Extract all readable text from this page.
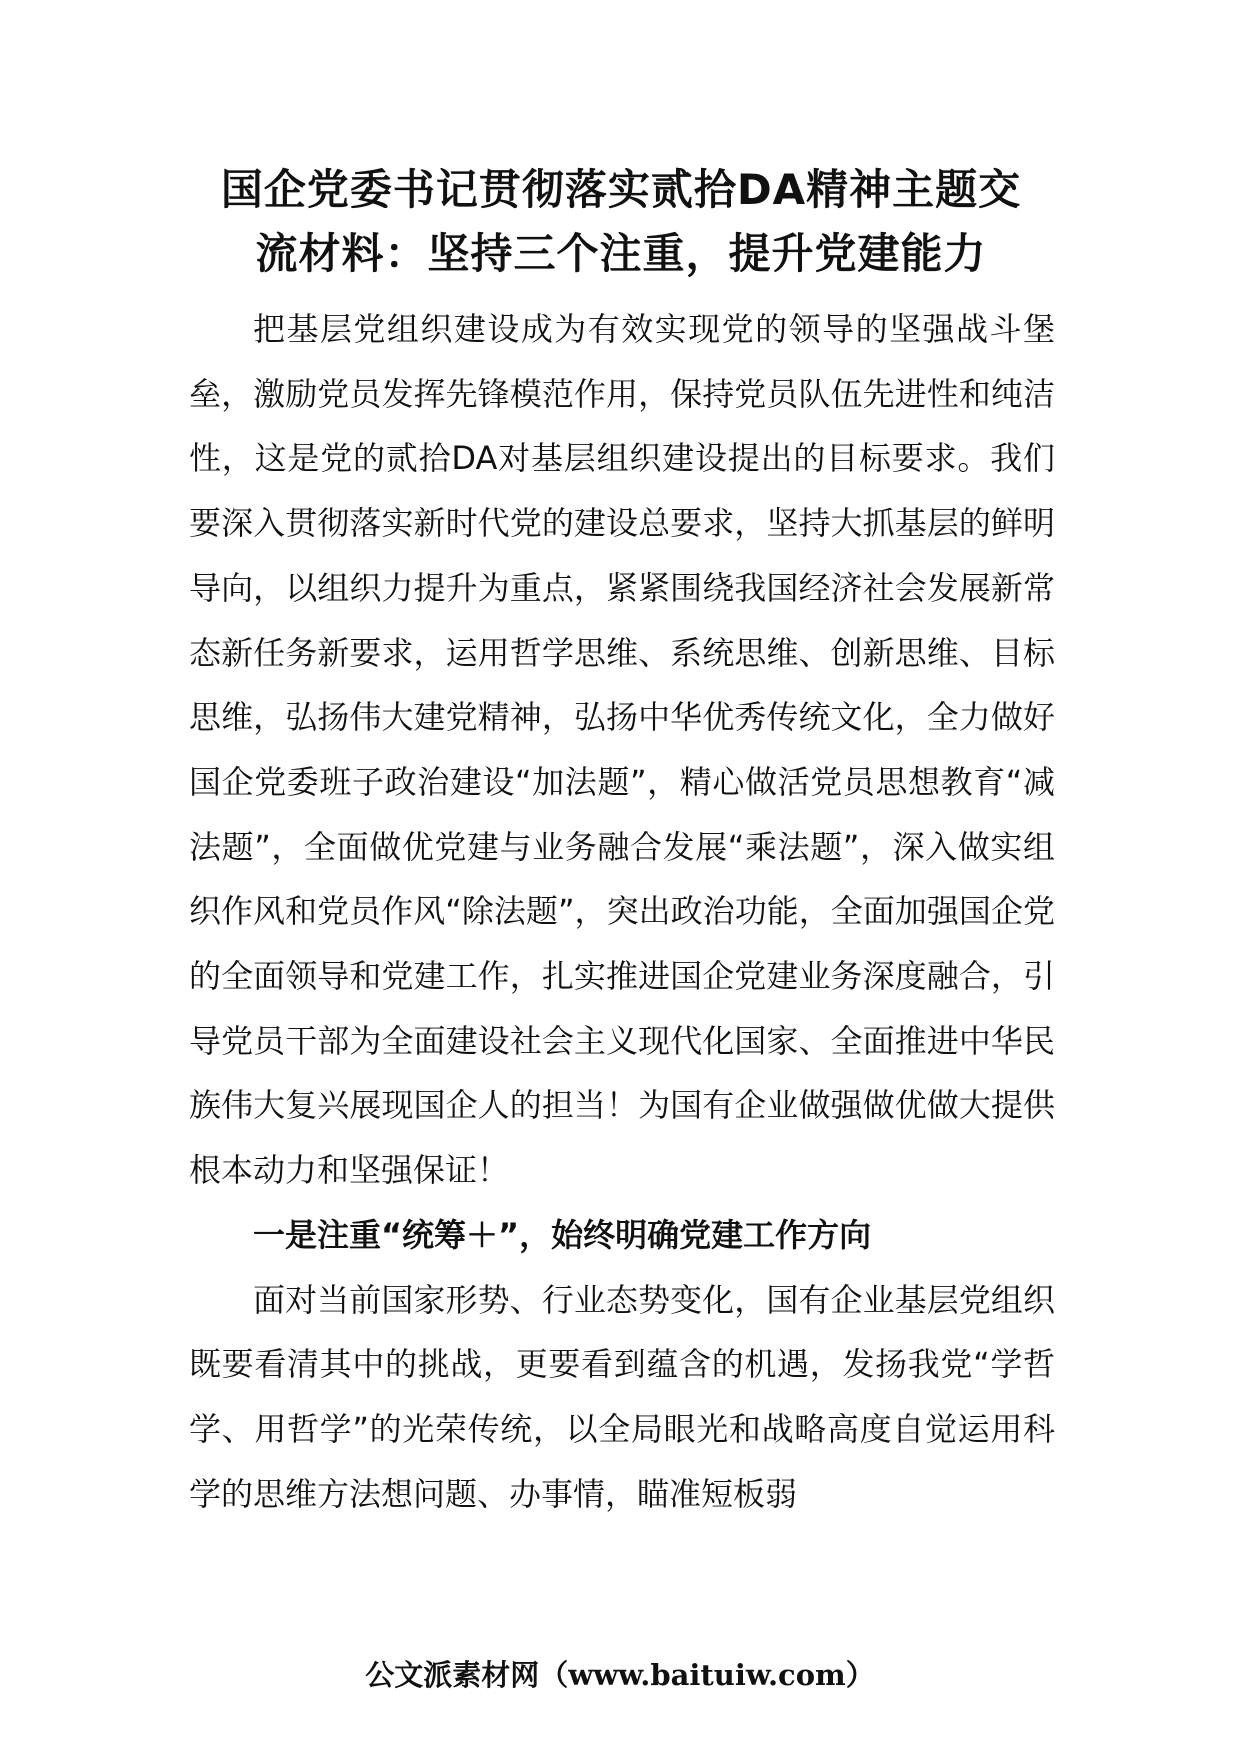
国企党委书记贯彻落实贰拾DA精神主题交
流材料：坚持三个注重，提升党建能力

把基层党组织建设成为有效实现党的领导的坚强战斗堡垒，激励党员发挥先锋模范作用，保持党员队伍先进性和纯洁性，这是党的贰拾DA对基层组织建设提出的目标要求。我们要深入贯彻落实新时代党的建设总要求，坚持大抓基层的鲜明导向，以组织力提升为重点，紧紧围绕我国经济社会发展新常态新任务新要求，运用哲学思维、系统思维、创新思维、目标思维，弘扬伟大建党精神，弘扬中华优秀传统文化，全力做好国企党委班子政治建设“加法题”，精心做活党员思想教育“减法题”，全面做优党建与业务融合发展“乘法题”，深入做实组织作风和党员作风“除法题”，突出政治功能，全面加强国企党的全面领导和党建工作，扎实推进国企党建业务深度融合，引导党员干部为全面建设社会主义现代化国家、全面推进中华民族伟大复兴展现国企人的担当！为国有企业做强做优做大提供根本动力和坚强保证！

一是注重“统筹＋”，始终明确党建工作方向

面对当前国家形势、行业态势变化，国有企业基层党组织既要看清其中的挑战，更要看到蕴含的机遇，发扬我党“学哲学、用哲学”的光荣传统，以全局眼光和战略高度自觉运用科学的思维方法想问题、办事情，瞄准短板弱

公文派素材网（www.baituiw.com）
